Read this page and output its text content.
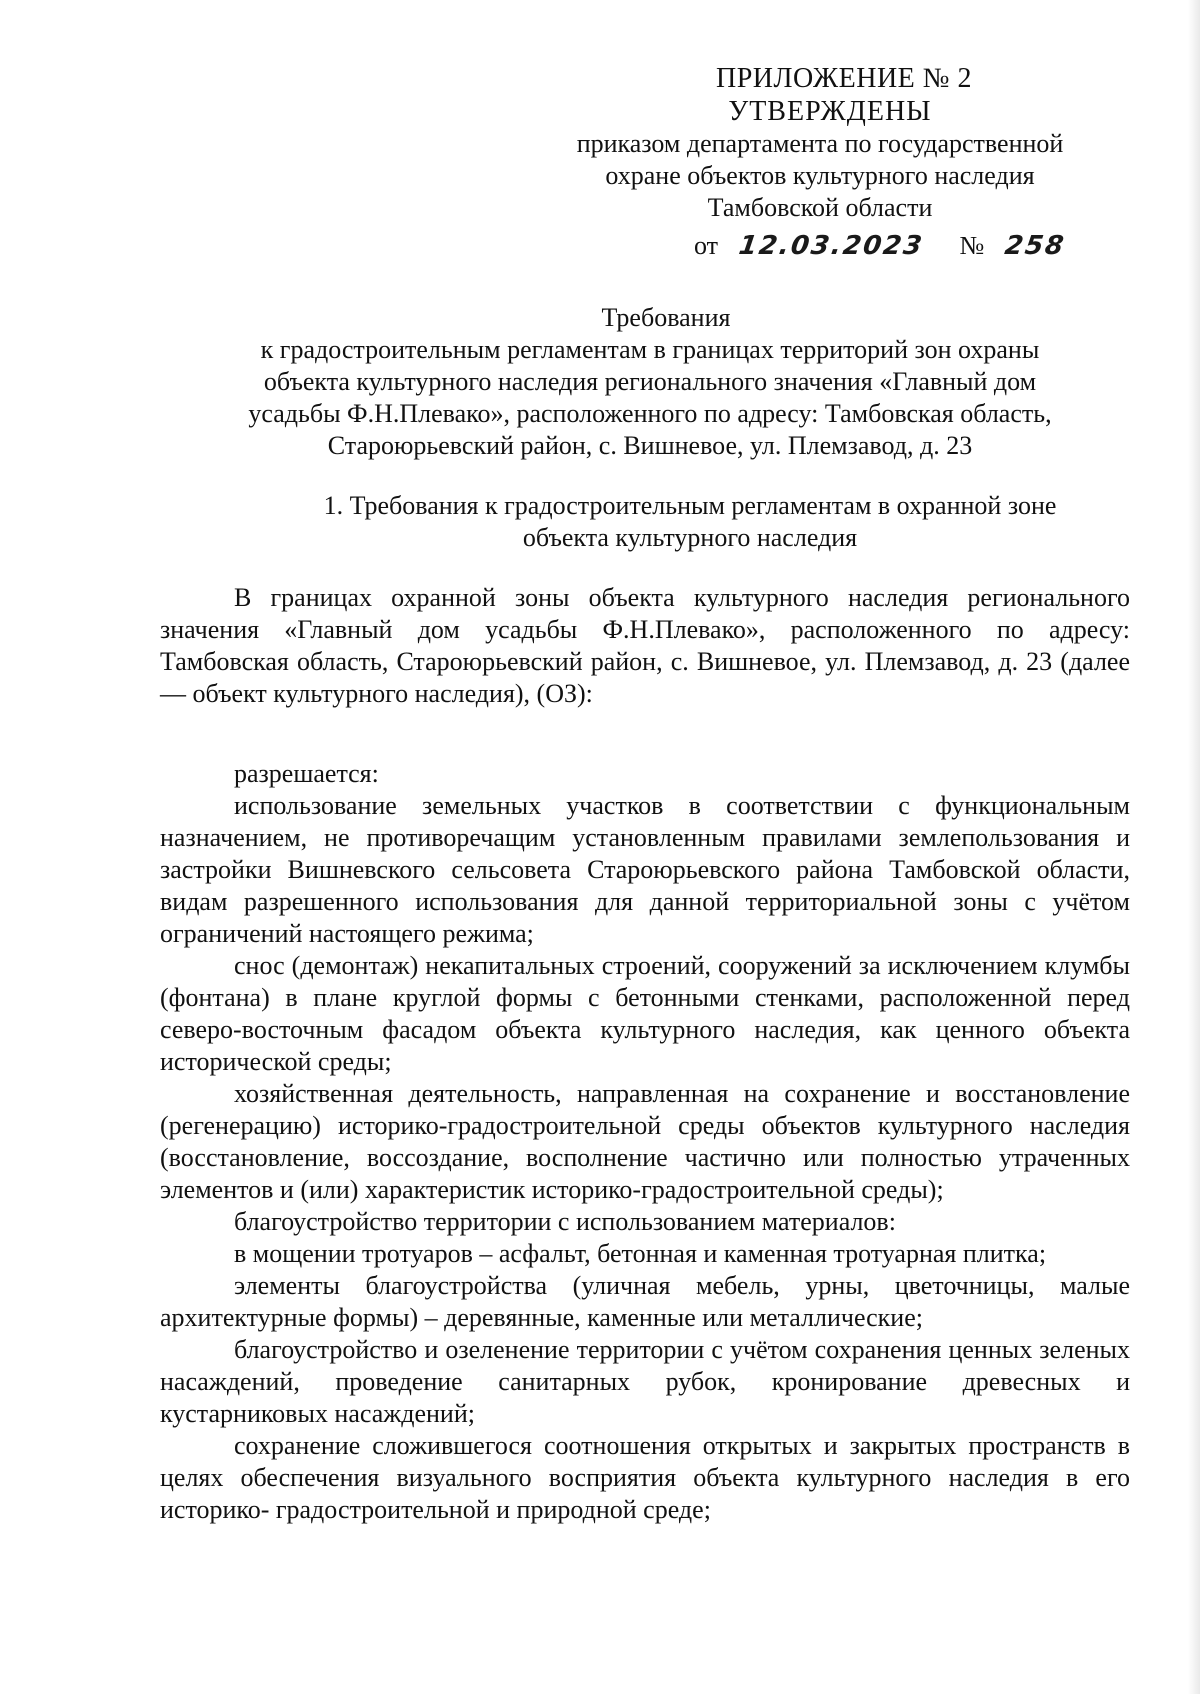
ПРИЛОЖЕНИЕ № 2
УТВЕРЖДЕНЫ
приказом департамента по государственной
охране объектов культурного наследия
Тамбовской области
от 12.03.2023 № 258
Требования
к градостроительным регламентам в границах территорий зон охраны
объекта культурного наследия регионального значения «Главный дом
усадьбы Ф.Н.Плевако», расположенного по адресу: Тамбовская область,
Староюрьевский район, с. Вишневое, ул. Племзавод, д. 23
1. Требования к градостроительным регламентам в охранной зоне
объекта культурного наследия

В границах охранной зоны объекта культурного наследия регионального значения «Главный дом усадьбы Ф.Н.Плевако», расположенного по адресу: Тамбовская область, Староюрьевский район, с. Вишневое, ул. Племзавод, д. 23 (далее — объект культурного наследия), (ОЗ):

разрешается:

использование земельных участков в соответствии с функциональным назначением, не противоречащим установленным правилами землепользования и застройки Вишневского сельсовета Староюрьевского района Тамбовской области, видам разрешенного использования для данной территориальной зоны с учётом ограничений настоящего режима;

снос (демонтаж) некапитальных строений, сооружений за исключением клумбы (фонтана) в плане круглой формы с бетонными стенками, расположенной перед северо-восточным фасадом объекта культурного наследия, как ценного объекта исторической среды;

хозяйственная деятельность, направленная на сохранение и восстановление (регенерацию) историко-градостроительной среды объектов культурного наследия (восстановление, воссоздание, восполнение частично или полностью утраченных элементов и (или) характеристик историко-градостроительной среды);

благоустройство территории с использованием материалов:

в мощении тротуаров – асфальт, бетонная и каменная тротуарная плитка;

элементы благоустройства (уличная мебель, урны, цветочницы, малые архитектурные формы) – деревянные, каменные или металлические;

благоустройство и озеленение территории с учётом сохранения ценных зеленых насаждений, проведение санитарных рубок, кронирование древесных и кустарниковых насаждений;

сохранение сложившегося соотношения открытых и закрытых пространств в целях обеспечения визуального восприятия объекта культурного наследия в его историко- градостроительной и природной среде;
